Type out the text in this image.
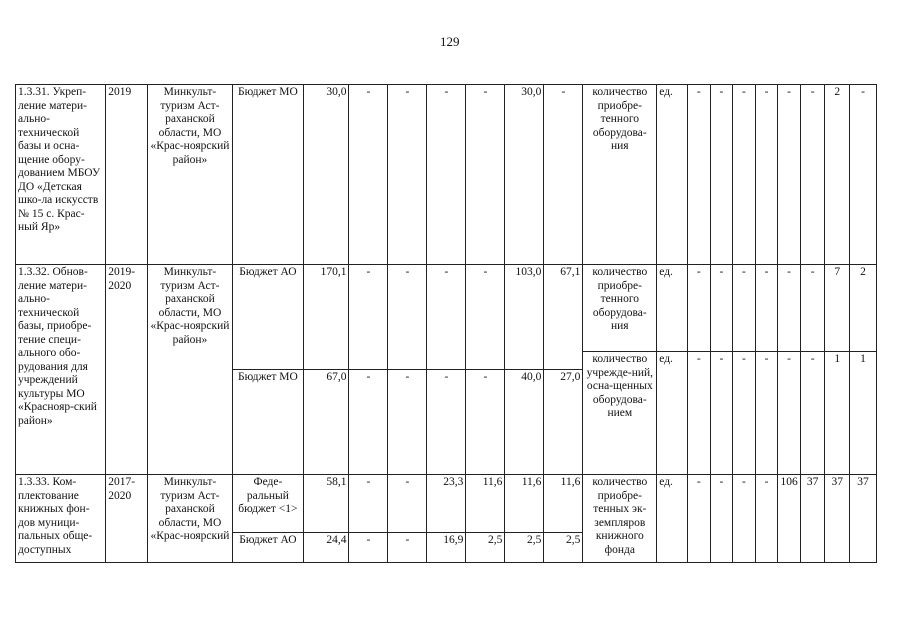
129
1.3.31. Укреп-ление матери-ально-технической базы и осна-щение обору-дованием МБОУ ДО «Детская шко-ла искусств № 15 с. Крас-ный Яр»	2019	Минкульт-туризм Аст-раханской области, МО «Крас-ноярский район»	Бюджет МО	30,0	-	-	-	-	30,0	-	количество приобре-тенного оборудова-ния	ед.	-	-	-	-	-	-	2	-
1.3.32. Обнов-ление матери-ально-технической базы, приобре-тение специ-ального обо-рудования для учреждений культуры МО «Краснояр-ский район»	2019-2020	Минкульт-туризм Аст-раханской области, МО «Крас-ноярский район»	Бюджет АО	170,1	-	-	-	-	103,0	67,1	количество приобре-тенного оборудова-ния	ед.	-	-	-	-	-	-	7	2
											количество учрежде-ний, осна-щенных оборудова-нием	ед.	-	-	-	-	-	-	1	1
			Бюджет МО	67,0	-	-	-	-	40,0	27,0										
1.3.33. Ком-плектование книжных фон-дов муници-пальных обще-доступных	2017-2020	Минкульт-туризм Аст-раханской области, МО «Крас-ноярский	Феде-ральный бюджет <1>	58,1	-	-	23,3	11,6	11,6	11,6	количество приобре-тенных эк-земпляров книжного фонда	ед.	-	-	-	-	106	37	37	37
			Бюджет АО	24,4	-	-	16,9	2,5	2,5	2,5										
